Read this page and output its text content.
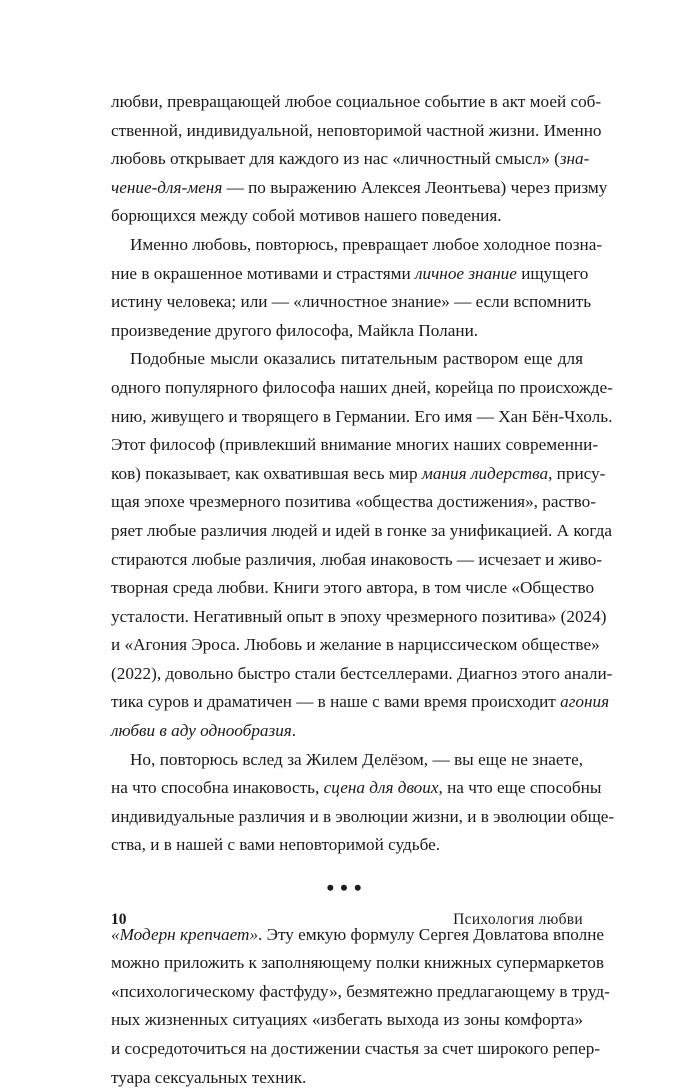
любви, превращающей любое социальное событие в акт моей соб-
ственной, индивидуальной, неповторимой частной жизни. Именно
любовь открывает для каждого из нас «личностный смысл» (зна-
чение-для-меня — по выражению Алексея Леонтьева) через призму
борющихся между собой мотивов нашего поведения.
Именно любовь, повторюсь, превращает любое холодное позна-
ние в окрашенное мотивами и страстями личное знание ищущего
истину человека; или — «личностное знание» — если вспомнить
произведение другого философа, Майкла Полани.
Подобные мысли оказались питательным раствором еще для
одного популярного философа наших дней, корейца по происхожде-
нию, живущего и творящего в Германии. Его имя — Хан Бён-Чхоль.
Этот философ (привлекший внимание многих наших современни-
ков) показывает, как охватившая весь мир мания лидерства, прису-
щая эпохе чрезмерного позитива «общества достижения», раство-
ряет любые различия людей и идей в гонке за унификацией. А когда
стираются любые различия, любая инаковость — исчезает и живо-
творная среда любви. Книги этого автора, в том числе «Общество
усталости. Негативный опыт в эпоху чрезмерного позитива» (2024)
и «Агония Эроса. Любовь и желание в нарциссическом обществе»
(2022), довольно быстро стали бестселлерами. Диагноз этого анали-
тика суров и драматичен — в наше с вами время происходит агония
любви в аду однообразия.
Но, повторюсь вслед за Жилем Делёзом, — вы еще не знаете,
на что способна инаковость, сцена для двоих, на что еще способны
индивидуальные различия и в эволюции жизни, и в эволюции обще-
ства, и в нашей с вами неповторимой судьбе.
•••
«Модерн крепчает». Эту емкую формулу Сергея Довлатова вполне
можно приложить к заполняющему полки книжных супермаркетов
«психологическому фастфуду», безмятежно предлагающему в труд-
ных жизненных ситуациях «избегать выхода из зоны комфорта»
и сосредоточиться на достижении счастья за счет широкого репер-
туара сексуальных техник.
10	Психология любви
